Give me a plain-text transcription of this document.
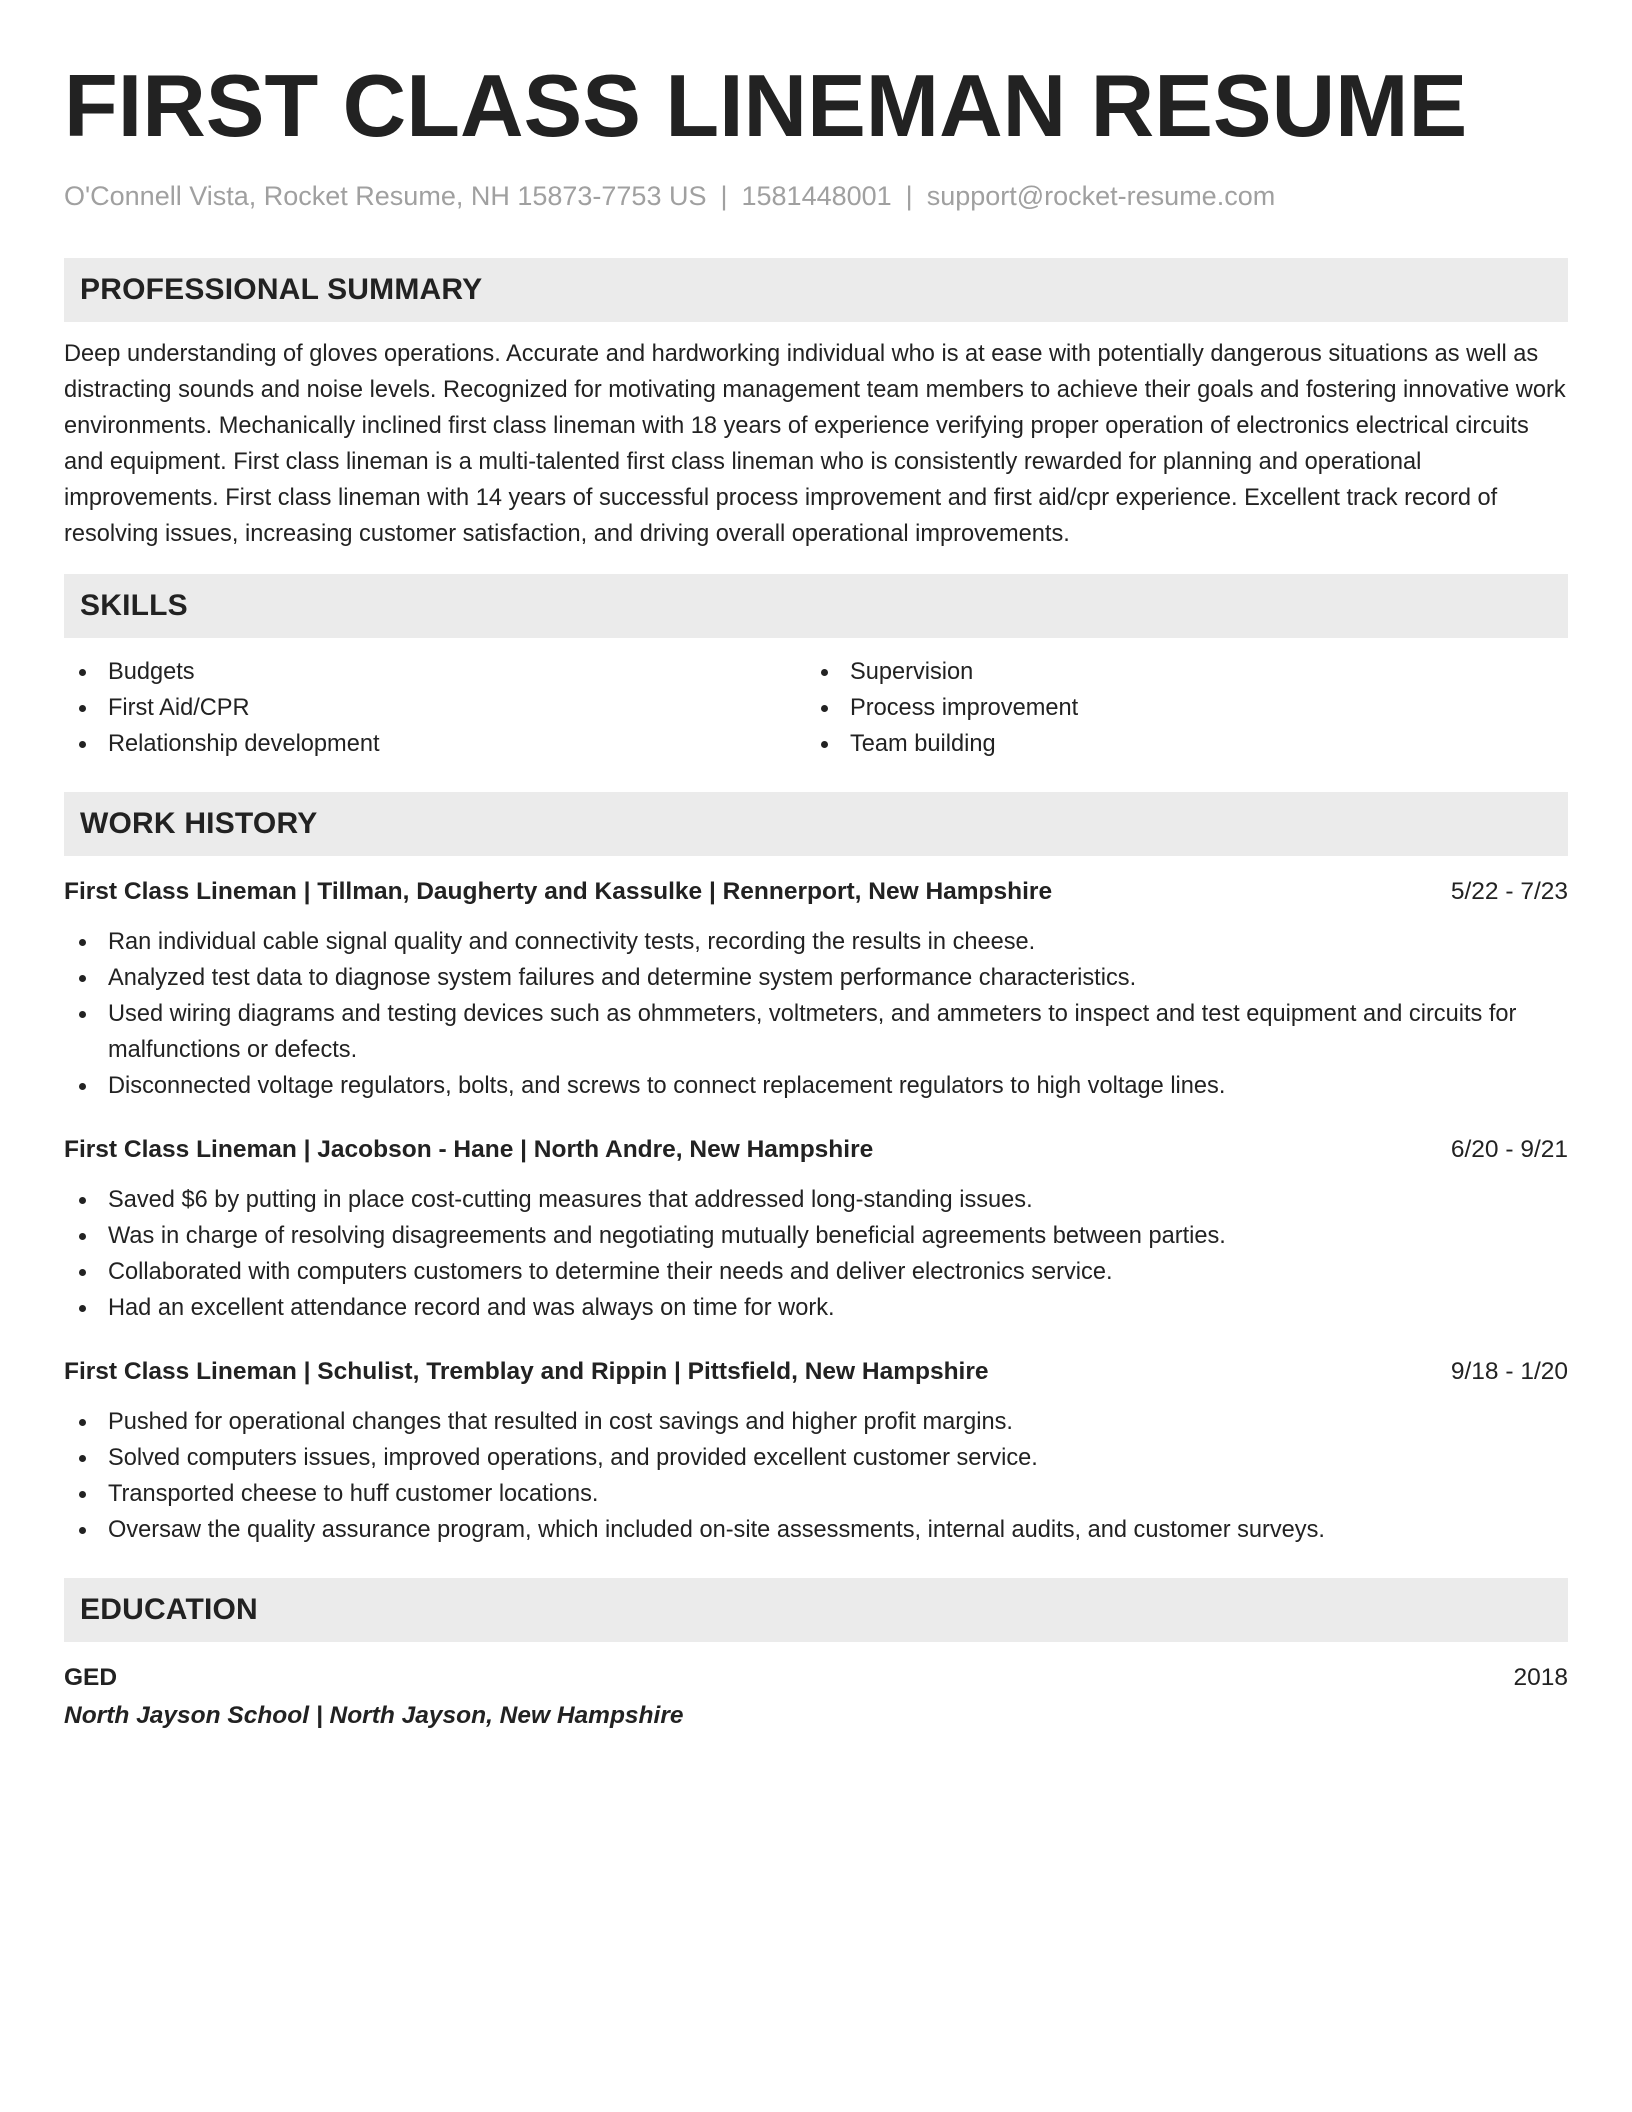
FIRST CLASS LINEMAN RESUME
O'Connell Vista, Rocket Resume, NH 15873-7753 US | 1581448001 | support@rocket-resume.com
PROFESSIONAL SUMMARY

Deep understanding of gloves operations. Accurate and hardworking individual who is at ease with potentially dangerous situations as well as distracting sounds and noise levels. Recognized for motivating management team members to achieve their goals and fostering innovative work environments. Mechanically inclined first class lineman with 18 years of experience verifying proper operation of electronics electrical circuits and equipment. First class lineman is a multi-talented first class lineman who is consistently rewarded for planning and operational improvements. First class lineman with 14 years of successful process improvement and first aid/cpr experience. Excellent track record of resolving issues, increasing customer satisfaction, and driving overall operational improvements.

SKILLS
Budgets
First Aid/CPR
Relationship development
Supervision
Process improvement
Team building
WORK HISTORY
First Class Lineman | Tillman, Daugherty and Kassulke | Rennerport, New Hampshire	5/22 - 7/23
Ran individual cable signal quality and connectivity tests, recording the results in cheese.
Analyzed test data to diagnose system failures and determine system performance characteristics.
Used wiring diagrams and testing devices such as ohmmeters, voltmeters, and ammeters to inspect and test equipment and circuits for malfunctions or defects.
Disconnected voltage regulators, bolts, and screws to connect replacement regulators to high voltage lines.
First Class Lineman | Jacobson - Hane | North Andre, New Hampshire	6/20 - 9/21
Saved $6 by putting in place cost-cutting measures that addressed long-standing issues.
Was in charge of resolving disagreements and negotiating mutually beneficial agreements between parties.
Collaborated with computers customers to determine their needs and deliver electronics service.
Had an excellent attendance record and was always on time for work.
First Class Lineman | Schulist, Tremblay and Rippin | Pittsfield, New Hampshire	9/18 - 1/20
Pushed for operational changes that resulted in cost savings and higher profit margins.
Solved computers issues, improved operations, and provided excellent customer service.
Transported cheese to huff customer locations.
Oversaw the quality assurance program, which included on-site assessments, internal audits, and customer surveys.
EDUCATION
GED	2018
North Jayson School | North Jayson, New Hampshire
